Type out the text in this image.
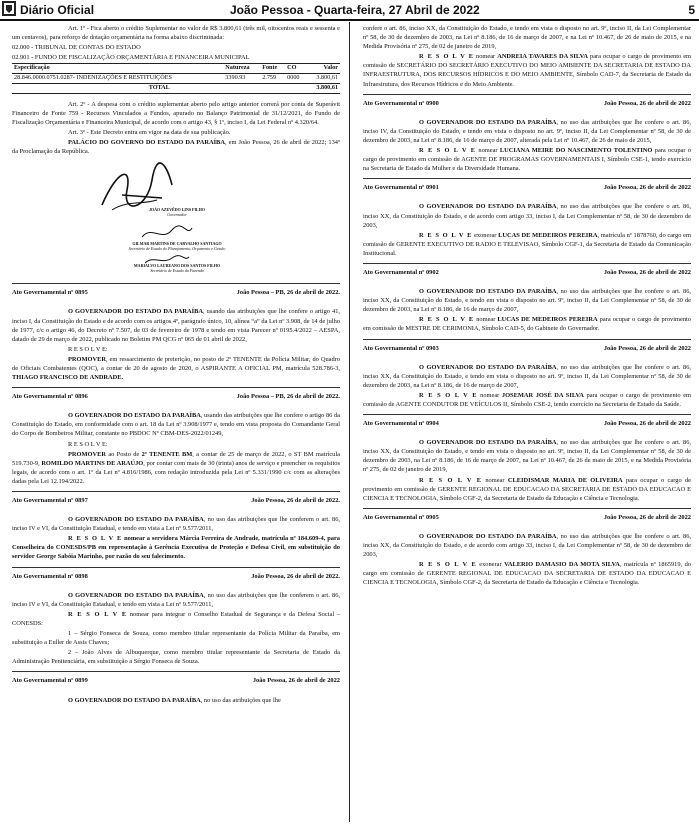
Diário Oficial	João Pessoa - Quarta-feira, 27 Abril de 2022	5

Art. 1º - Fica aberto o crédito Suplementar no valor de R$ 3.800,61 (três mil, oitocentos reais e sessenta e um centavos), para reforço de dotação orçamentária na forma abaixo discriminada:

02.000 - TRIBUNAL DE CONTAS DO ESTADO

02.901 - FUNDO DE FISCALIZAÇÃO ORÇAMENTÁRIA E FINANCEIRA MUNICIPAL

Especificação	Natureza	Fonte	CO	Valor
28.846.0000.0751.0287- INDENIZAÇÕES E RESTITUIÇÕES	3390.93	2.759	0000	3.800,61
TOTAL				3.800,61

Art. 2º - A despesa com o crédito suplementar aberto pelo artigo anterior correrá por conta de Superávit Financeiro de Fonte 759 - Recursos Vinculados a Fundos, apurado no Balanço Patrimonial de 31/12/2021, do Fundo de Fiscalização Orçamentária e Financeira Municipal, de acordo com o artigo 43, § 1º, inciso I, da Lei Federal nº 4.320/64.

Art. 3º - Este Decreto entra em vigor na data de sua publicação.

PALÁCIO DO GOVERNO DO ESTADO DA PARAÍBA, em João Pessoa, 26 de abril de 2022; 134º da Proclamação da República.

JOÃO AZEVÊDO LINS FILHO
Governador
GILMAR MARTINS DE CARVALHO SANTIAGO
Secretário de Estado do Planejamento, Orçamento e Gestão
MARIALVO LAUREANO DOS SANTOS FILHO
Secretário de Estado da Fazenda
Ato Governamental nº 0895	João Pessoa – PB, 26 de abril de 2022.

O GOVERNADOR DO ESTADO DA PARAÍBA, usando das atribuições que lhe confere o artigo 41, inciso I, da Constituição do Estado e de acordo com os artigos 4º, parágrafo único, 10, alínea “a” da Lei nº 3.908, de 14 de julho de 1977, c/c o artigo 46, do Decreto nº 7.507, de 03 de fevereiro de 1978 e tendo em vista Parecer nº 0195.4/2022 – AESPA, datado de 29 de março de 2022, publicado no Boletim PM QCG nº 065 de 01 abril de 2022,

R E S O L V E:

PROMOVER, em ressarcimento de preterição, no posto de 2º TENENTE da Polícia Militar, do Quadro de Oficiais Combatentes (QOC), a contar de 20 de agosto de 2020, o ASPIRANTE A OFICIAL PM, matrícula 528.786-3, THIAGO FRANCISCO DE ANDRADE.

Ato Governamental nº 0896	João Pessoa – PB, 26 de abril de 2022.

O GOVERNADOR DO ESTADO DA PARAÍBA, usando das atribuições que lhe confere o artigo 86 da Constituição do Estado, em conformidade com o art. 18 da Lei nº 3.908/1977 e, tendo em vista proposta do Comandante Geral do Corpo de Bombeiros Militar, constante no PBDOC Nº CBM-DES-2022/01249,

R E S O L V E:

PROMOVER ao Posto de 2º TENENTE BM, a contar de 25 de março de 2022, o ST BM matrícula 519.730-9, ROMILDO MARTINS DE ARAÚJO, por contar com mais de 30 (trinta) anos de serviço e preencher os requisitos legais, de acordo com o art. 1º da Lei nº 4.816/1986, com redação introduzida pela Lei nº 5.331/1990 c/c com as alterações dadas pela Lei 12.194/2022.

Ato Governamental nº 0897	João Pessoa, 26 de abril de 2022.

O GOVERNADOR DO ESTADO DA PARAÍBA, no uso das atribuições que lhe conferem o art. 86, inciso IV e VI, da Constituição Estadual, e tendo em vista a Lei nº 9.577/2011,

R E S O L V E nomear a servidora Márcia Ferreira de Andrade, matrícula nº 184.609-4, para Conselheira do CONESDS/PB em representação à Gerência Executiva de Proteção e Defesa Civil, em substituição do servidor George Sabóia Marinho, por razão do seu falecimento.

Ato Governamental nº 0898	João Pessoa, 26 de abril de 2022.

O GOVERNADOR DO ESTADO DA PARAÍBA, no uso das atribuições que lhe conferem o art. 86, inciso IV e VI, da Constituição Estadual, e tendo em vista a Lei nº 9.577/2011,

R E S O L V E nomear para integrar o Conselho Estadual de Segurança e da Defesa Social – CONESDS:

1 – Sérgio Fonseca de Souza, como membro titular representante da Polícia Militar da Paraíba, em substituição a Euller de Assis Chaves;

2 – João Alves de Albuquerque, como membro titular representante da Secretaria de Estado da Administração Penitenciária, em substituição a Sérgio Fonseca de Souza.

Ato Governamental nº 0899	João Pessoa, 26 de abril de 2022

O GOVERNADOR DO ESTADO DA PARAÍBA, no uso das atribuições que lhe

confere o art. 86, inciso XX, da Constituição do Estado, e tendo em vista o disposto no art. 9º, inciso II, da Lei Complementar nº 58, de 30 de dezembro de 2003, na Lei nº 8.186, de 16 de março de 2007, e na Lei nº 10.467, de 26 de maio de 2015, e na Medida Provisória nº 275, de 02 de janeiro de 2019,

R E S O L V E nomear ANDREIA TAVARES DA SILVA para ocupar o cargo de provimento em comissão de SECRETÁRIO DO SECRETÁRIO EXECUTIVO DO MEIO AMBIENTE DA SECRETARIA DE ESTADO DA INFRAESTRUTURA, DOS RECURSOS HÍDRICOS E DO MEIO AMBIENTE, Símbolo CAD-7, da Secretaria de Estado da Infraestrutura, dos Recursos Hídricos e do Meio Ambiente.

Ato Governamental nº 0900	João Pessoa, 26 de abril de 2022

O GOVERNADOR DO ESTADO DA PARAÍBA, no uso das atribuições que lhe confere o art. 86, inciso IV, da Constituição do Estado, e tendo em vista o disposto no art. 9º, inciso II, da Lei Complementar nº 58, de 30 de dezembro de 2003, na Lei nº 8.186, de 16 de março de 2007, alterada pela Lei nº 10.467, de 26 de maio de 2015,

R E S O L V E nomear LUCIANA MEIRE DO NASCIMENTO TOLENTINO para ocupar o cargo de provimento em comissão de AGENTE DE PROGRAMAS GOVERNAMENTAIS I, Símbolo CSE-1, tendo exercício na Secretaria de Estado da Mulher e da Diversidade Humana.

Ato Governamental nº 0901	João Pessoa, 26 de abril de 2022

O GOVERNADOR DO ESTADO DA PARAÍBA, no uso das atribuições que lhe confere o art. 86, inciso XX, da Constituição do Estado, e de acordo com artigo 33, inciso I, da Lei Complementar nº 58, de 30 de dezembro de 2003,

R E S O L V E exonerar LUCAS DE MEDEIROS PEREIRA, matrícula nº 1878760, do cargo em comissão de GERENTE EXECUTIVO DE RADIO E TELEVISAO, Símbolo CGF-1, da Secretaria de Estado da Comunicação Institucional.

Ato Governamental nº 0902	João Pessoa, 26 de abril de 2022

O GOVERNADOR DO ESTADO DA PARAÍBA, no uso das atribuições que lhe confere o art. 86, inciso XX, da Constituição do Estado, e tendo em vista o disposto no art. 9º, inciso II, da Lei Complementar nº 58, de 30 de dezembro de 2003, na Lei nº 8.186, de 16 de março de 2007,

R E S O L V E nomear LUCAS DE MEDEIROS PEREIRA para ocupar o cargo de provimento em comissão de MESTRE DE CERIMONIA, Símbolo CAD-5, do Gabinete do Governador.

Ato Governamental nº 0903	João Pessoa, 26 de abril de 2022

O GOVERNADOR DO ESTADO DA PARAÍBA, no uso das atribuições que lhe confere o art. 86, inciso XX, da Constituição do Estado, e tendo em vista o disposto no art. 9º, inciso II, da Lei Complementar nº 58, de 30 de dezembro de 2003, na Lei nº 8.186, de 16 de março de 2007,

R E S O L V E nomear JOSEMAR JOSÉ DA SILVA para ocupar o cargo de provimento em comissão de AGENTE CONDUTOR DE VEÍCULOS II, Símbolo CSE-2, tendo exercício na Secretaria de Estado da Saúde.

Ato Governamental nº 0904	João Pessoa, 26 de abril de 2022

O GOVERNADOR DO ESTADO DA PARAÍBA, no uso das atribuições que lhe confere o art. 86, inciso XX, da Constituição do Estado, e tendo em vista o disposto no art. 9º, inciso II, da Lei Complementar nº 58, de 30 de dezembro de 2003, na Lei nº 8.186, de 16 de março de 2007, na Lei nº 10.467, de 26 de maio de 2015, e na Medida Provisória nº 275, de 02 de janeiro de 2019,

R E S O L V E nomear CLEIDISMAR MARIA DE OLIVEIRA para ocupar o cargo de provimento em comissão de GERENTE REGIONAL DE EDUCACAO DA SECRETARIA DE ESTADO DA EDUCACAO E CIENCIA E TECNOLOGIA, Símbolo CGF-2, da Secretaria de Estado da Educação e Ciência e Tecnologia.

Ato Governamental nº 0905	João Pessoa, 26 de abril de 2022

O GOVERNADOR DO ESTADO DA PARAÍBA, no uso das atribuições que lhe confere o art. 86, inciso XX, da Constituição do Estado, e de acordo com artigo 33, inciso I, da Lei Complementar nº 58, de 30 de dezembro de 2003,

R E S O L V E exonerar VALERIO DAMASIO DA MOTA SILVA, matrícula nº 1865919, do cargo em comissão de GERENTE REGIONAL DE EDUCACAO DA SECRETARIA DE ESTADO DA EDUCACAO E CIENCIA E TECNOLOGIA, Símbolo CGF-2, da Secretaria de Estado da Educação e Ciência e Tecnologia.
